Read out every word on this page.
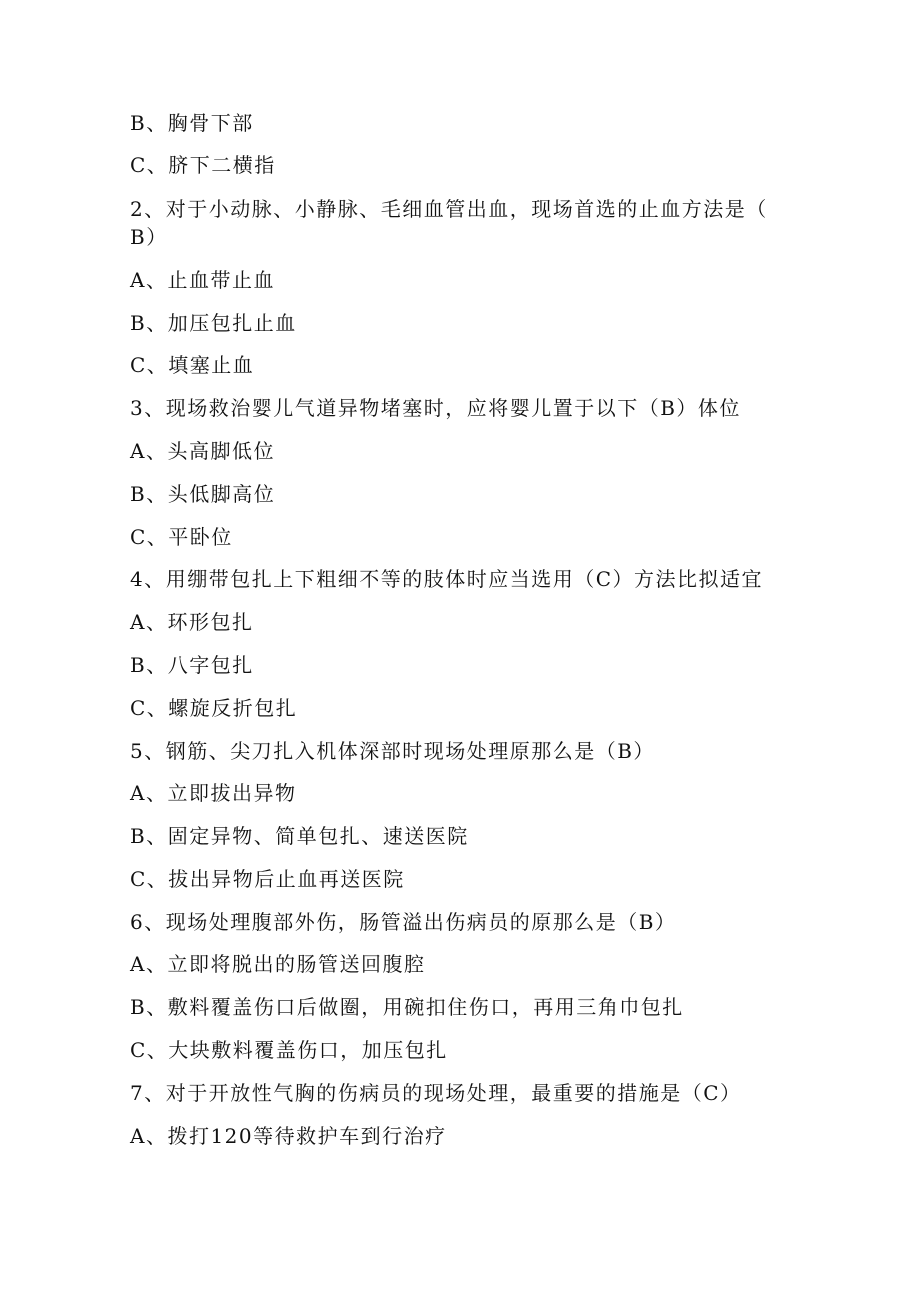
B、胸骨下部
C、脐下二横指
2、对于小动脉、小静脉、毛细血管出血，现场首选的止血方法是（
B）
A、止血带止血
B、加压包扎止血
C、填塞止血
3、现场救治婴儿气道异物堵塞时，应将婴儿置于以下（B）体位
A、头高脚低位
B、头低脚高位
C、平卧位
4、用绷带包扎上下粗细不等的肢体时应当选用（C）方法比拟适宜
A、环形包扎
B、八字包扎
C、螺旋反折包扎
5、钢筋、尖刀扎入机体深部时现场处理原那么是（B）
A、立即拔出异物
B、固定异物、简单包扎、速送医院
C、拔出异物后止血再送医院
6、现场处理腹部外伤，肠管溢出伤病员的原那么是（B）
A、立即将脱出的肠管送回腹腔
B、敷料覆盖伤口后做圈，用碗扣住伤口，再用三角巾包扎
C、大块敷料覆盖伤口，加压包扎
7、对于开放性气胸的伤病员的现场处理，最重要的措施是（C）
A、拨打120等待救护车到行治疗
